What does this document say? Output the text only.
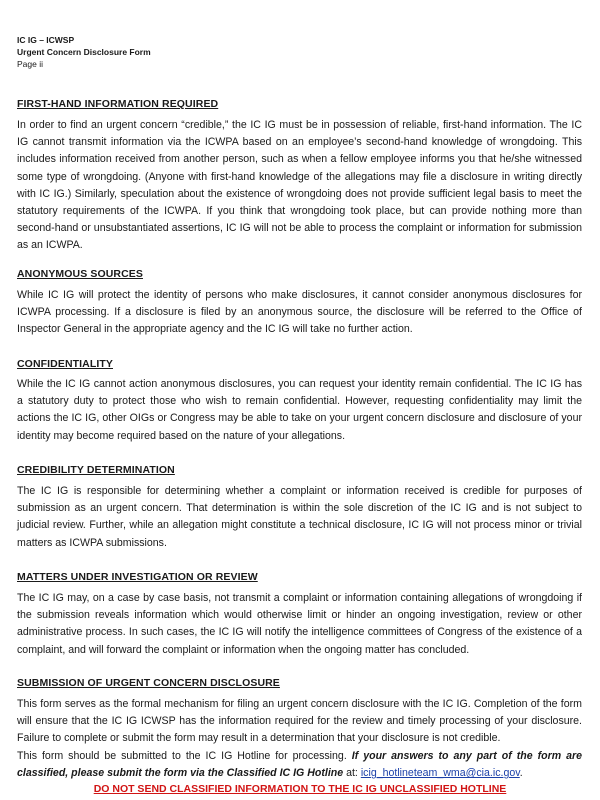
IC IG – ICWSP
Urgent Concern Disclosure Form
Page ii
FIRST-HAND INFORMATION REQUIRED

In order to find an urgent concern “credible,” the IC IG must be in possession of reliable, first-hand information. The IC IG cannot transmit information via the ICWPA based on an employee’s second-hand knowledge of wrongdoing. This includes information received from another person, such as when a fellow employee informs you that he/she witnessed some type of wrongdoing. (Anyone with first-hand knowledge of the allegations may file a disclosure in writing directly with IC IG.) Similarly, speculation about the existence of wrongdoing does not provide sufficient legal basis to meet the statutory requirements of the ICWPA. If you think that wrongdoing took place, but can provide nothing more than second-hand or unsubstantiated assertions, IC IG will not be able to process the complaint or information for submission as an ICWPA.

ANONYMOUS SOURCES

While IC IG will protect the identity of persons who make disclosures, it cannot consider anonymous disclosures for ICWPA processing. If a disclosure is filed by an anonymous source, the disclosure will be referred to the Office of Inspector General in the appropriate agency and the IC IG will take no further action.

CONFIDENTIALITY

While the IC IG cannot action anonymous disclosures, you can request your identity remain confidential. The IC IG has a statutory duty to protect those who wish to remain confidential. However, requesting confidentiality may limit the actions the IC IG, other OIGs or Congress may be able to take on your urgent concern disclosure and disclosure of your identity may become required based on the nature of your allegations.

CREDIBILITY DETERMINATION

The IC IG is responsible for determining whether a complaint or information received is credible for purposes of submission as an urgent concern. That determination is within the sole discretion of the IC IG and is not subject to judicial review. Further, while an allegation might constitute a technical disclosure, IC IG will not process minor or trivial matters as ICWPA submissions.

MATTERS UNDER INVESTIGATION OR REVIEW

The IC IG may, on a case by case basis, not transmit a complaint or information containing allegations of wrongdoing if the submission reveals information which would otherwise limit or hinder an ongoing investigation, review or other administrative process. In such cases, the IC IG will notify the intelligence committees of Congress of the existence of a complaint, and will forward the complaint or information when the ongoing matter has concluded.

SUBMISSION OF URGENT CONCERN DISCLOSURE

This form serves as the formal mechanism for filing an urgent concern disclosure with the IC IG. Completion of the form will ensure that the IC IG ICWSP has the information required for the review and timely processing of your disclosure. Failure to complete or submit the form may result in a determination that your disclosure is not credible.

This form should be submitted to the IC IG Hotline for processing. If your answers to any part of the form are classified, please submit the form via the Classified IC IG Hotline at: icig_hotlineteam_wma@cia.ic.gov.

DO NOT SEND CLASSIFIED INFORMATION TO THE IC IG UNCLASSIFIED HOTLINE
